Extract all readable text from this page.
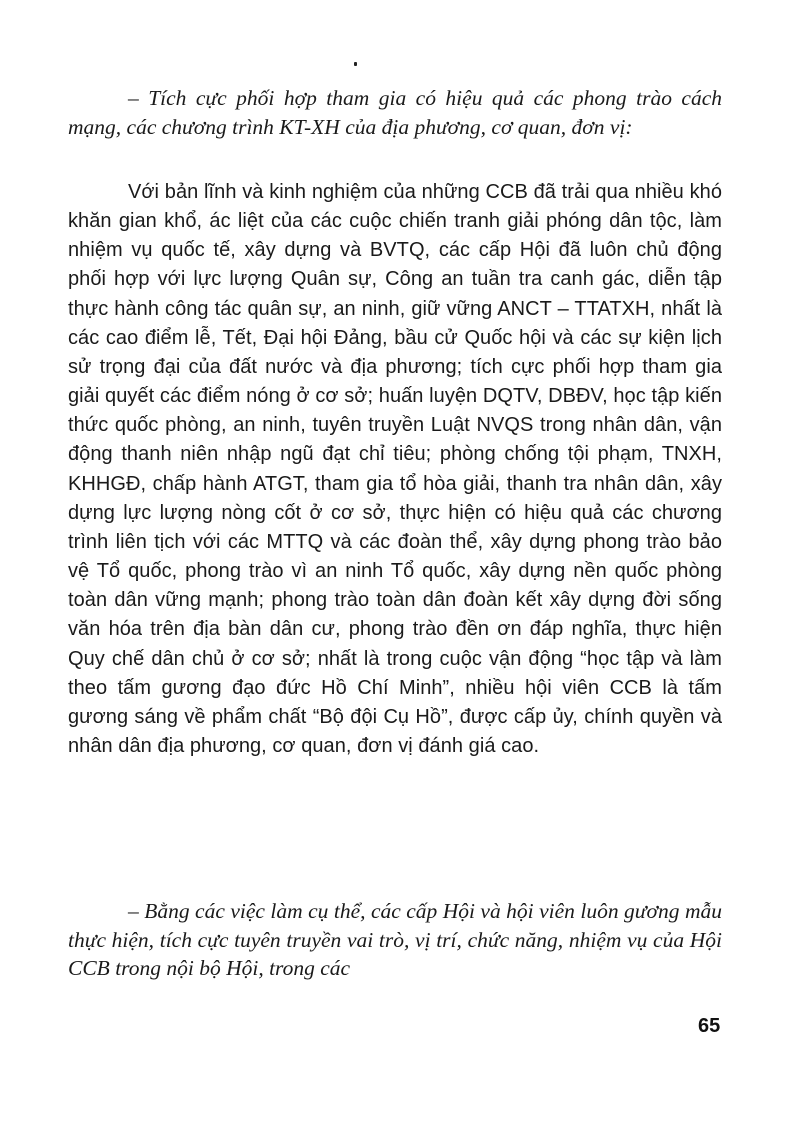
– Tích cực phối hợp tham gia có hiệu quả các phong trào cách mạng, các chương trình KT-XH của địa phương, cơ quan, đơn vị:

Với bản lĩnh và kinh nghiệm của những CCB đã trải qua nhiều khó khăn gian khổ, ác liệt của các cuộc chiến tranh giải phóng dân tộc, làm nhiệm vụ quốc tế, xây dựng và BVTQ, các cấp Hội đã luôn chủ động phối hợp với lực lượng Quân sự, Công an tuần tra canh gác, diễn tập thực hành công tác quân sự, an ninh, giữ vững ANCT – TTATXH, nhất là các cao điểm lễ, Tết, Đại hội Đảng, bầu cử Quốc hội và các sự kiện lịch sử trọng đại của đất nước và địa phương; tích cực phối hợp tham gia giải quyết các điểm nóng ở cơ sở; huấn luyện DQTV, DBĐV, học tập kiến thức quốc phòng, an ninh, tuyên truyền Luật NVQS trong nhân dân, vận động thanh niên nhập ngũ đạt chỉ tiêu; phòng chống tội phạm, TNXH, KHHGĐ, chấp hành ATGT, tham gia tổ hòa giải, thanh tra nhân dân, xây dựng lực lượng nòng cốt ở cơ sở, thực hiện có hiệu quả các chương trình liên tịch với các MTTQ và các đoàn thể, xây dựng phong trào bảo vệ Tổ quốc, phong trào vì an ninh Tổ quốc, xây dựng nền quốc phòng toàn dân vững mạnh; phong trào toàn dân đoàn kết xây dựng đời sống văn hóa trên địa bàn dân cư, phong trào đền ơn đáp nghĩa, thực hiện Quy chế dân chủ ở cơ sở; nhất là trong cuộc vận động “học tập và làm theo tấm gương đạo đức Hồ Chí Minh”, nhiều hội viên CCB là tấm gương sáng về phẩm chất “Bộ đội Cụ Hồ”, được cấp ủy, chính quyền và nhân dân địa phương, cơ quan, đơn vị đánh giá cao.

– Bằng các việc làm cụ thể, các cấp Hội và hội viên luôn gương mẫu thực hiện, tích cực tuyên truyền vai trò, vị trí, chức năng, nhiệm vụ của Hội CCB trong nội bộ Hội, trong các

65
